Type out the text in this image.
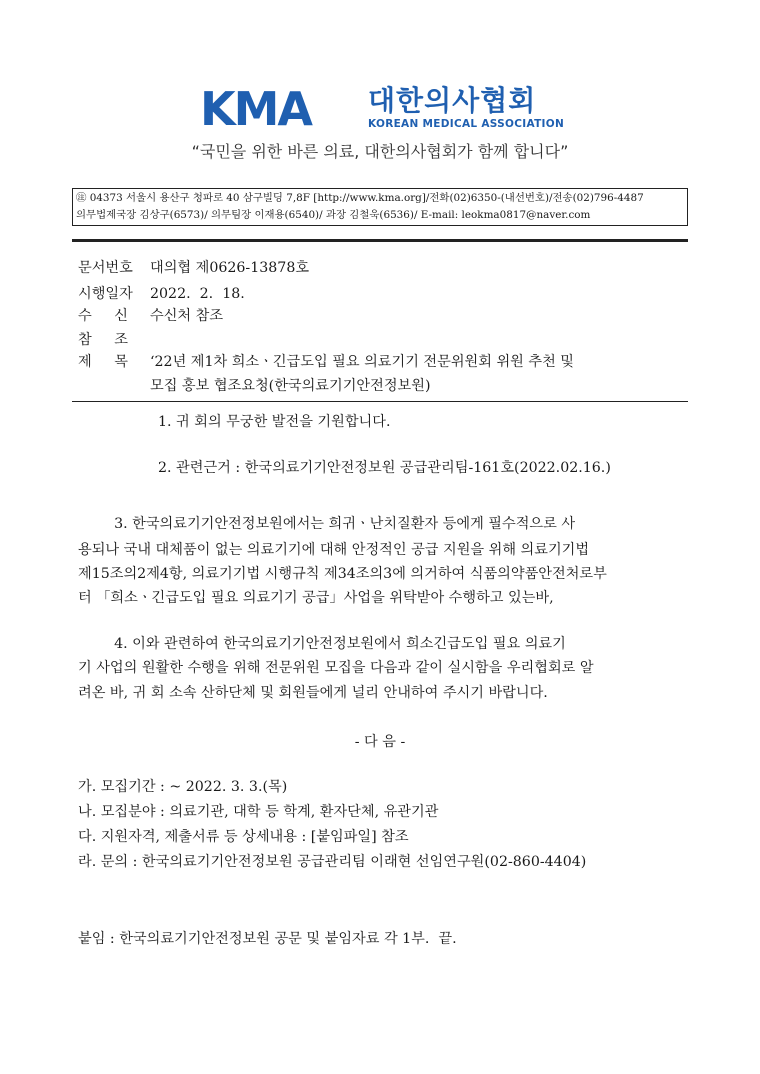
KMA 대한의사협회
KOREAN MEDICAL ASSOCIATION
“국민을 위한 바른 의료, 대한의사협회가 함께 합니다”
㊟ 04373 서울시 용산구 청파로 40 삼구빌딩 7,8F [http://www.kma.org]/전화(02)6350-(내선번호)/전송(02)796-4487
의무법제국장 김상구(6573)/ 의무팀장 이재용(6540)/ 과장 김철욱(6536)/ E-mail: leokma0817@naver.com
문서번호 대의협 제0626-13878호
시행일자 2022.  2.  18.
수     신 수신처 참조
참     조
제     목 ‘22년 제1차 희소ㆍ긴급도입 필요 의료기기 전문위원회 위원 추천 및
모집 홍보 협조요청(한국의료기기안전정보원)
1. 귀 회의 무궁한 발전을 기원합니다.
2. 관련근거 : 한국의료기기안전정보원 공급관리팀-161호(2022.02.16.)
3. 한국의료기기안전정보원에서는 희귀ㆍ난치질환자 등에게 필수적으로 사
용되나 국내 대체품이 없는 의료기기에 대해 안정적인 공급 지원을 위해 의료기기법
제15조의2제4항, 의료기기법 시행규칙 제34조의3에 의거하여 식품의약품안전처로부
터 「희소ㆍ긴급도입 필요 의료기기 공급」사업을 위탁받아 수행하고 있는바,
4. 이와 관련하여 한국의료기기안전정보원에서 희소긴급도입 필요 의료기
기 사업의 원활한 수행을 위해 전문위원 모집을 다음과 같이 실시함을 우리협회로 알
려온 바, 귀 회 소속 산하단체 및 회원들에게 널리 안내하여 주시기 바랍니다.
- 다 음 -
가. 모집기간 : ~ 2022. 3. 3.(목)
나. 모집분야 : 의료기관, 대학 등 학계, 환자단체, 유관기관
다. 지원자격, 제출서류 등 상세내용 : [붙임파일] 참조
라. 문의 : 한국의료기기안전정보원 공급관리팀 이래현 선임연구원(02-860-4404)
붙임 : 한국의료기기안전정보원 공문 및 붙임자료 각 1부.  끝.
